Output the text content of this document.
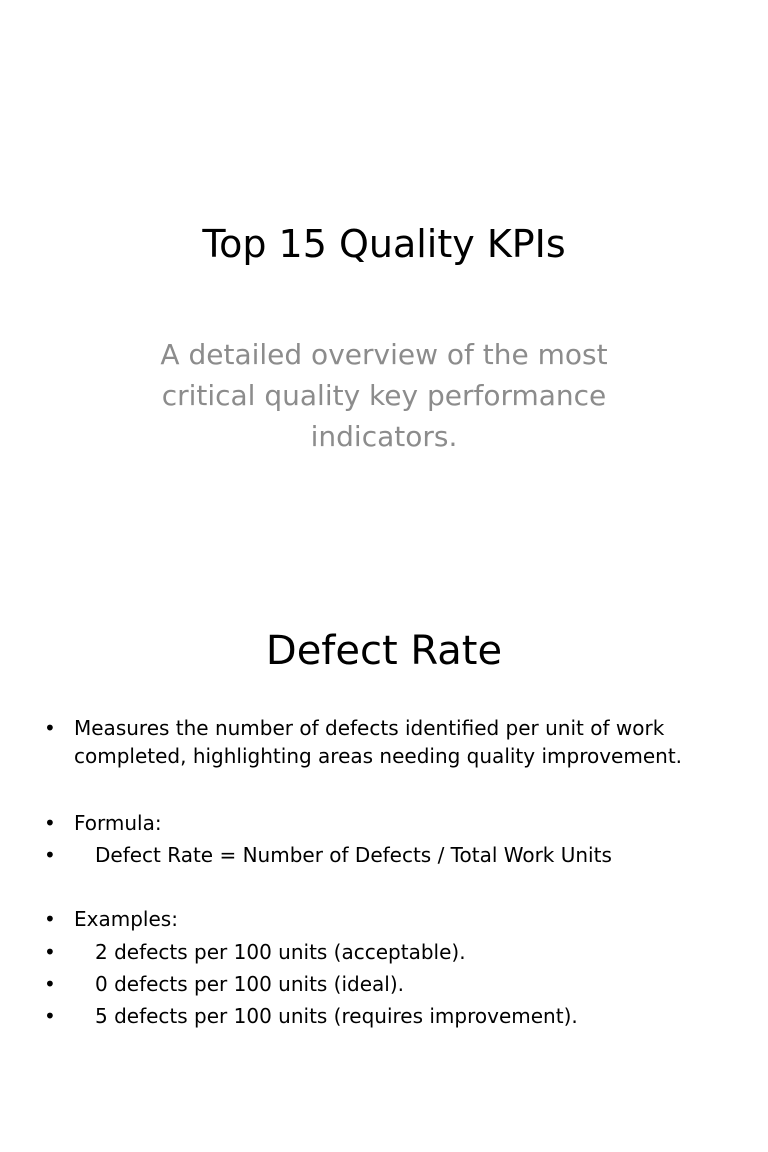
Top 15 Quality KPIs

A detailed overview of the most critical quality key performance indicators.

Defect Rate
• Measures the number of defects identified per unit of work completed, highlighting areas needing quality improvement.
• Formula:
•	Defect Rate = Number of Defects / Total Work Units
• Examples:
•	2 defects per 100 units (acceptable).
•	0 defects per 100 units (ideal).
•	5 defects per 100 units (requires improvement).
